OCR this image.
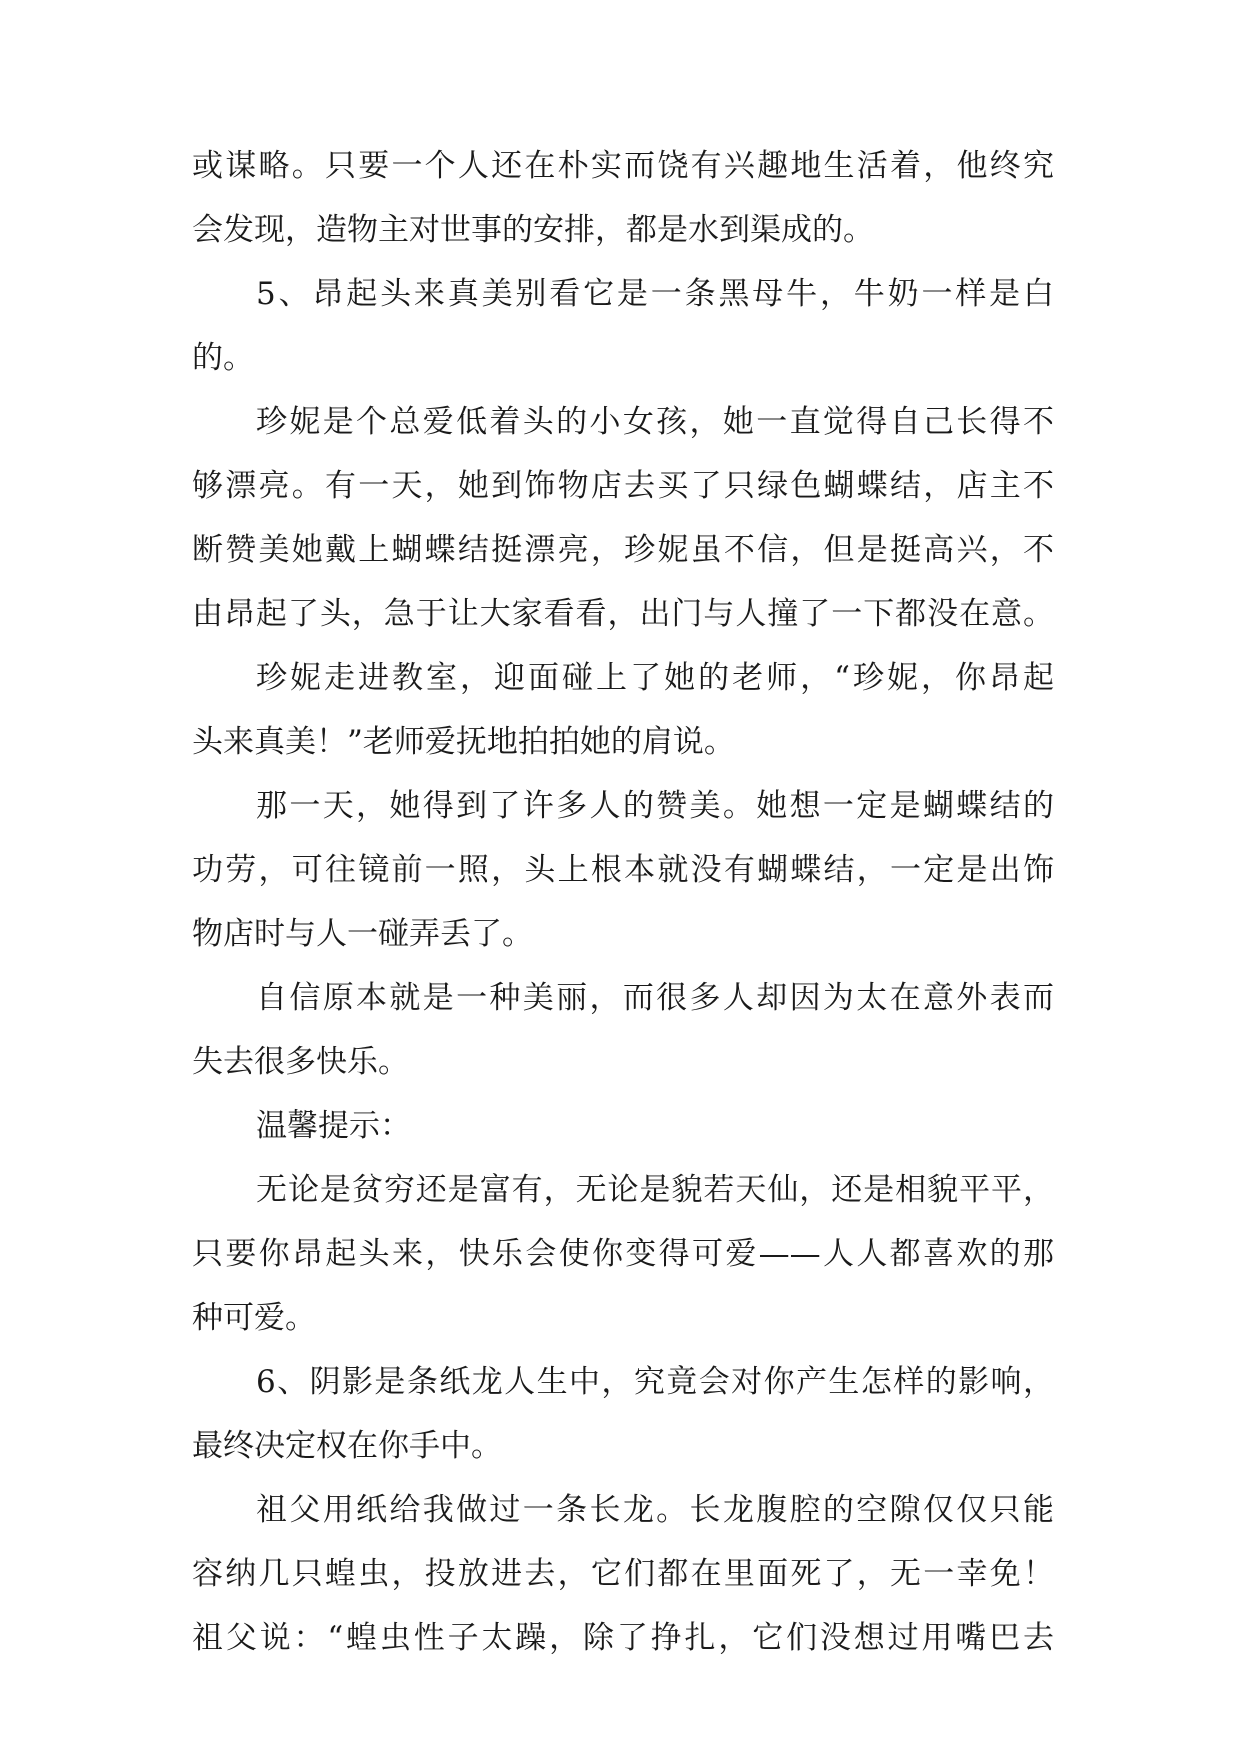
或谋略。只要一个人还在朴实而饶有兴趣地生活着，他终究
会发现，造物主对世事的安排，都是水到渠成的。
5、昂起头来真美别看它是一条黑母牛，牛奶一样是白
的。
珍妮是个总爱低着头的小女孩，她一直觉得自己长得不
够漂亮。有一天，她到饰物店去买了只绿色蝴蝶结，店主不
断赞美她戴上蝴蝶结挺漂亮，珍妮虽不信，但是挺高兴，不
由昂起了头，急于让大家看看，出门与人撞了一下都没在意。
珍妮走进教室，迎面碰上了她的老师，“珍妮，你昂起
头来真美！”老师爱抚地拍拍她的肩说。
那一天，她得到了许多人的赞美。她想一定是蝴蝶结的
功劳，可往镜前一照，头上根本就没有蝴蝶结，一定是出饰
物店时与人一碰弄丢了。
自信原本就是一种美丽，而很多人却因为太在意外表而
失去很多快乐。
温馨提示：
无论是贫穷还是富有，无论是貌若天仙，还是相貌平平，
只要你昂起头来，快乐会使你变得可爱——人人都喜欢的那
种可爱。
6、阴影是条纸龙人生中，究竟会对你产生怎样的影响，
最终决定权在你手中。
祖父用纸给我做过一条长龙。长龙腹腔的空隙仅仅只能
容纳几只蝗虫，投放进去，它们都在里面死了，无一幸免！
祖父说：“蝗虫性子太躁，除了挣扎，它们没想过用嘴巴去
